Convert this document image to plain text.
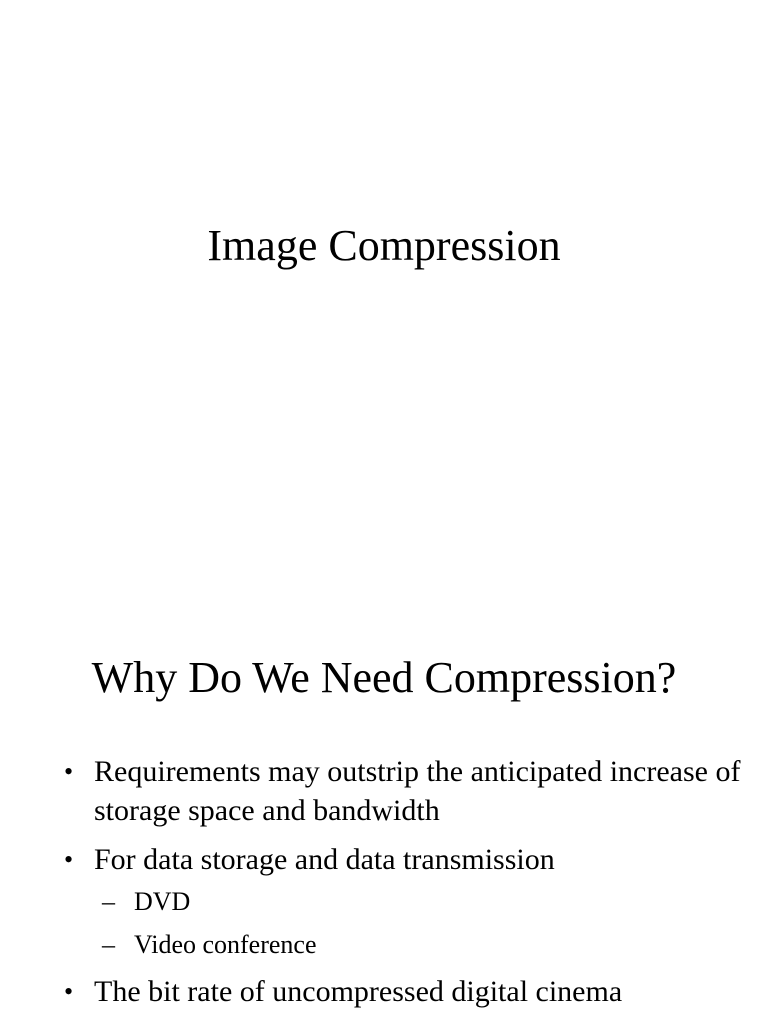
Image Compression
Why Do We Need Compression?
• Requirements may outstrip the anticipated increase of storage space and bandwidth
• For data storage and data transmission
– DVD
– Video conference
• The bit rate of uncompressed digital cinema
